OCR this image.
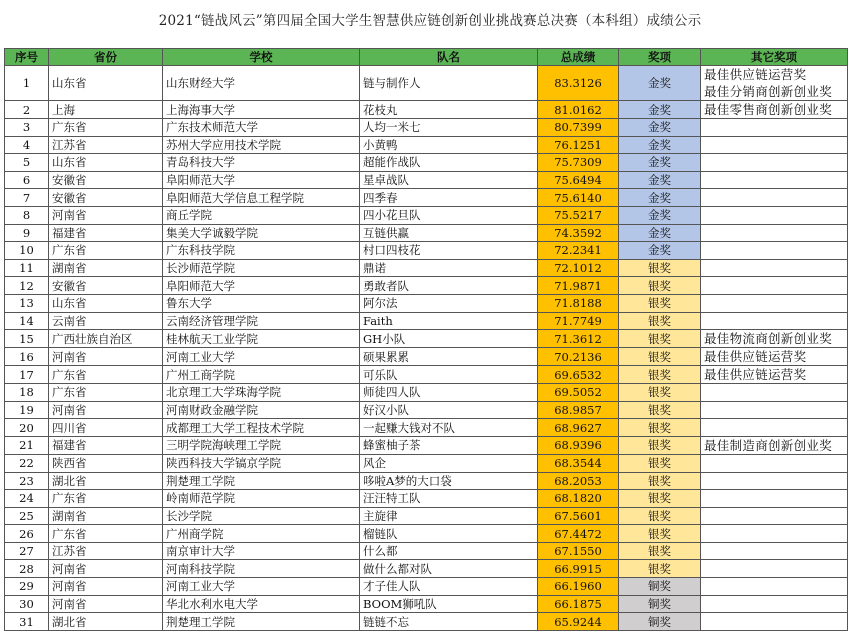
2021“链战风云”第四届全国大学生智慧供应链创新创业挑战赛总决赛（本科组）成绩公示
序号	省份	学校	队名	总成绩	奖项	其它奖项
1	山东省	山东财经大学	链与制作人	83.3126	金奖	最佳供应链运营奖
最佳分销商创新创业奖

2	上海	上海海事大学	花枝丸	81.0162	金奖	最佳零售商创新创业奖

3	广东省	广东技术师范大学	人均一米七	80.7399	金奖	
4	江苏省	苏州大学应用技术学院	小黄鸭	76.1251	金奖	
5	山东省	青岛科技大学	超能作战队	75.7309	金奖	
6	安徽省	阜阳师范大学	星卓战队	75.6494	金奖	
7	安徽省	阜阳师范大学信息工程学院	四季春	75.6140	金奖	
8	河南省	商丘学院	四小花旦队	75.5217	金奖	
9	福建省	集美大学诚毅学院	互链供赢	74.3592	金奖	
10	广东省	广东科技学院	村口四枝花	72.2341	金奖	
11	湖南省	长沙师范学院	鼎诺	72.1012	银奖	
12	安徽省	阜阳师范大学	勇敢者队	71.9871	银奖	
13	山东省	鲁东大学	阿尔法	71.8188	银奖	
14	云南省	云南经济管理学院	Faith	71.7749	银奖	
15	广西壮族自治区	桂林航天工业学院	GH小队	71.3612	银奖	最佳物流商创新创业奖

16	河南省	河南工业大学	硕果累累	70.2136	银奖	最佳供应链运营奖

17	广东省	广州工商学院	可乐队	69.6532	银奖	最佳供应链运营奖

18	广东省	北京理工大学珠海学院	师徒四人队	69.5052	银奖	
19	河南省	河南财政金融学院	好汉小队	68.9857	银奖	
20	四川省	成都理工大学工程技术学院	一起赚大钱对不队	68.9627	银奖	
21	福建省	三明学院海峡理工学院	蜂蜜柚子茶	68.9396	银奖	最佳制造商创新创业奖

22	陕西省	陕西科技大学镐京学院	风企	68.3544	银奖	
23	湖北省	荆楚理工学院	哆啦A梦的大口袋	68.2053	银奖	
24	广东省	岭南师范学院	汪汪特工队	68.1820	银奖	
25	湖南省	长沙学院	主旋律	67.5601	银奖	
26	广东省	广州商学院	榴链队	67.4472	银奖	
27	江苏省	南京审计大学	什么都	67.1550	银奖	
28	河南省	河南科技学院	做什么都对队	66.9915	银奖	
29	河南省	河南工业大学	才子佳人队	66.1960	铜奖	
30	河南省	华北水利水电大学	BOOM狮吼队	66.1875	铜奖	
31	湖北省	荆楚理工学院	链链不忘	65.9244	铜奖	
